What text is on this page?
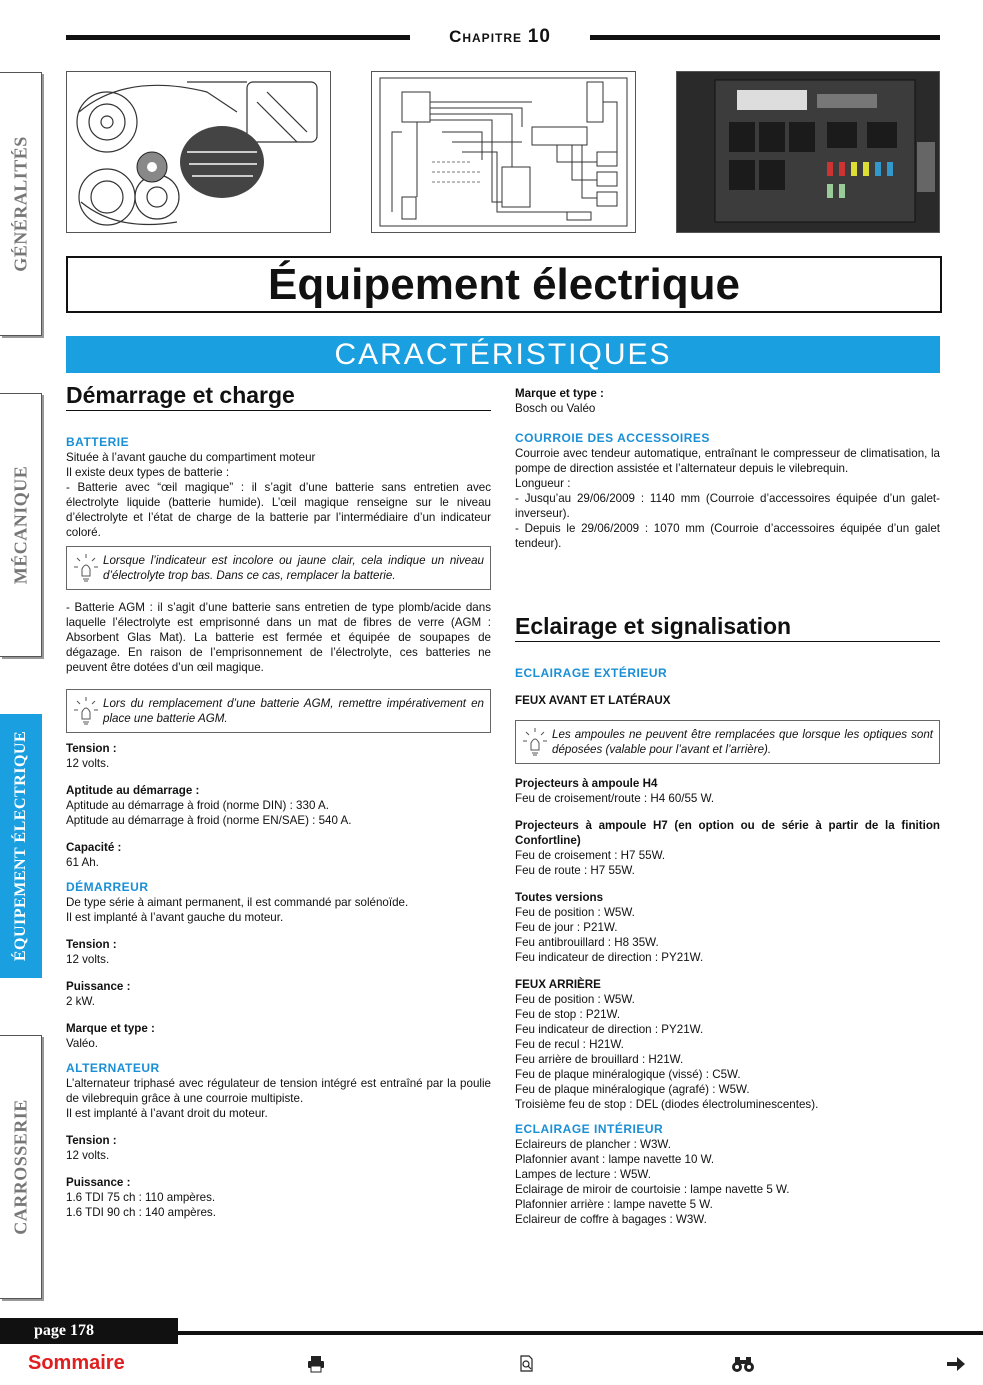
Chapitre 10
GÉNÉRALITÉS
MÉCANIQUE
ÉQUIPEMENT ÉLECTRIQUE
CARROSSERIE
Équipement électrique
CARACTÉRISTIQUES
Démarrage et charge
BATTERIE

Située à l’avant gauche du compartiment moteur

Il existe deux types de batterie :

- Batterie avec “œil magique” : il s’agit d’une batterie sans entretien avec électrolyte liquide (batterie humide). L’œil magique renseigne sur le niveau d’électrolyte et l’état de charge de la batterie par l’intermédiaire d’un indicateur coloré.

Lorsque l’indicateur est incolore ou jaune clair, cela indique un niveau d’électrolyte trop bas. Dans ce cas, remplacer la batterie.

- Batterie AGM : il s’agit d’une batterie sans entretien de type plomb/acide dans laquelle l’électrolyte est emprisonné dans un mat de fibres de verre (AGM : Absorbent Glas Mat). La batterie est fermée et équipée de soupapes de dégazage. En raison de l’emprisonnement de l’électrolyte, ces batteries ne peuvent être dotées d’un œil magique.

Lors du remplacement d’une batterie AGM, remettre impérativement en place une batterie AGM.

Tension :

12 volts.

Aptitude au démarrage :

Aptitude au démarrage à froid (norme DIN) : 330 A.

Aptitude au démarrage à froid (norme EN/SAE) : 540 A.

Capacité :

61 Ah.

DÉMARREUR

De type série à aimant permanent, il est commandé par solénoïde.

Il est implanté à l’avant gauche du moteur.

Tension :

12 volts.

Puissance :

2 kW.

Marque et type :

Valéo.

ALTERNATEUR

L’alternateur triphasé avec régulateur de tension intégré est entraîné par la poulie de vilebrequin grâce à une courroie multipiste.

Il est implanté à l’avant droit du moteur.

Tension :

12 volts.

Puissance :

1.6 TDI 75 ch : 110 ampères.

1.6 TDI 90 ch : 140 ampères.

Marque et type :

Bosch ou Valéo

COURROIE DES ACCESSOIRES

Courroie avec tendeur automatique, entraînant le compresseur de climatisation, la pompe de direction assistée et l’alternateur depuis le vilebrequin.

Longueur :

- Jusqu’au 29/06/2009 : 1140 mm (Courroie d’accessoires équipée d’un galet-inverseur).

- Depuis le 29/06/2009 : 1070 mm (Courroie d’accessoires équipée d’un galet tendeur).

Eclairage et signalisation
ECLAIRAGE EXTÉRIEUR

FEUX AVANT ET LATÉRAUX

Les ampoules ne peuvent être remplacées que lorsque les optiques sont déposées (valable pour l’avant et l’arrière).

Projecteurs à ampoule H4

Feu de croisement/route : H4 60/55 W.

Projecteurs à ampoule H7 (en option ou de série à partir de la finition Confortline)

Feu de croisement : H7 55W.

Feu de route : H7 55W.

Toutes versions

Feu de position : W5W.

Feu de jour : P21W.

Feu antibrouillard : H8 35W.

Feu indicateur de direction : PY21W.

FEUX ARRIÈRE

Feu de position : W5W.

Feu de stop : P21W.

Feu indicateur de direction : PY21W.

Feu de recul : H21W.

Feu arrière de brouillard : H21W.

Feu de plaque minéralogique (vissé) : C5W.

Feu de plaque minéralogique (agrafé) : W5W.

Troisième feu de stop : DEL (diodes électroluminescentes).

ECLAIRAGE INTÉRIEUR

Eclaireurs de plancher : W3W.

Plafonnier avant : lampe navette 10 W.

Lampes de lecture : W5W.

Eclairage de miroir de courtoisie : lampe navette 5 W.

Plafonnier arrière : lampe navette 5 W.

Eclaireur de coffre à bagages : W3W.

page 178
Sommaire
